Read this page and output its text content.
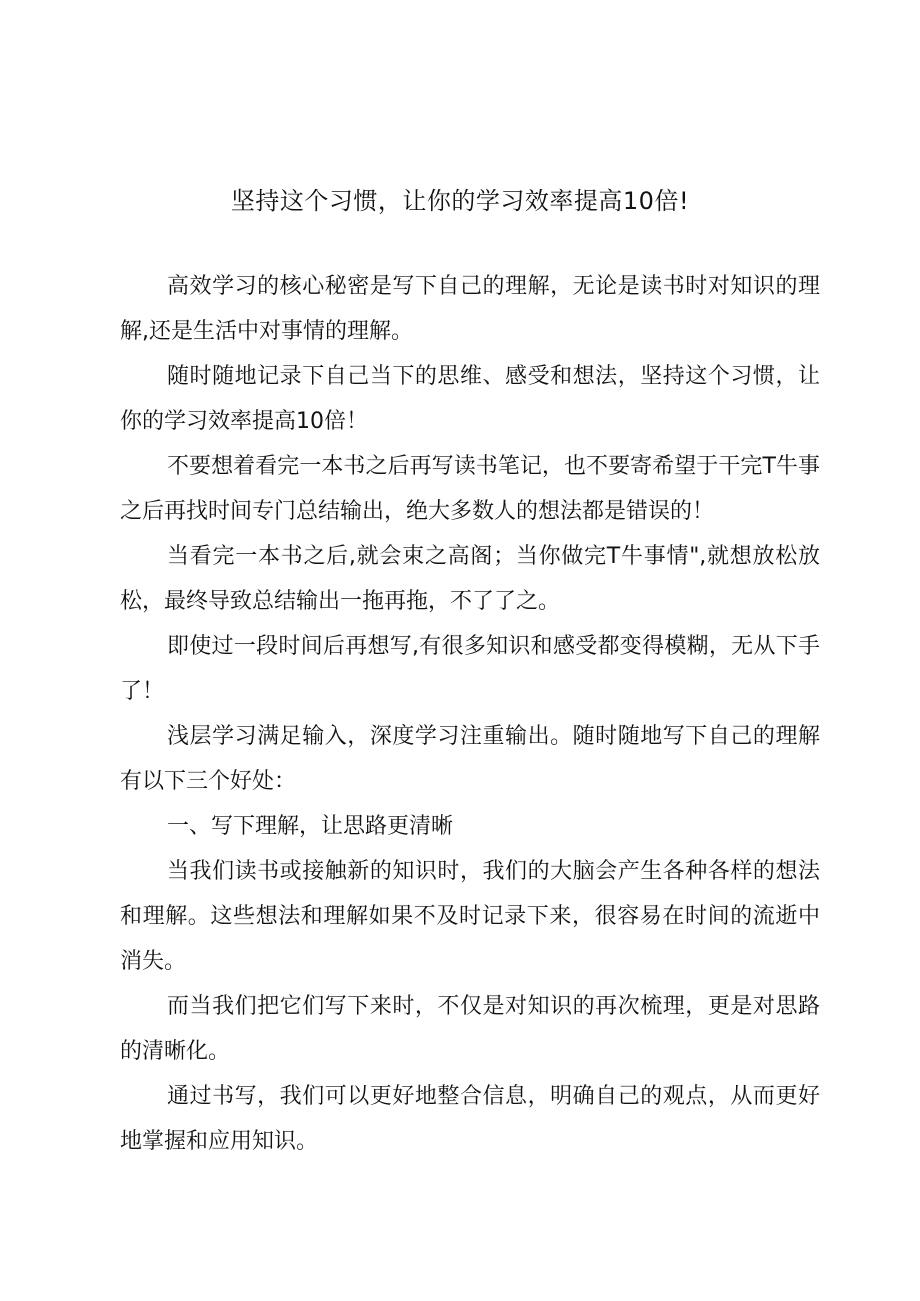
坚持这个习惯，让你的学习效率提高10倍!

高效学习的核心秘密是写下自己的理解，无论是读书时对知识的理解,还是生活中对事情的理解。

随时随地记录下自己当下的思维、感受和想法，坚持这个习惯，让你的学习效率提高10倍！

不要想着看完一本书之后再写读书笔记，也不要寄希望于干完T牛事之后再找时间专门总结输出，绝大多数人的想法都是错误的！

当看完一本书之后,就会束之高阁；当你做完T牛事情",就想放松放松，最终导致总结输出一拖再拖，不了了之。

即使过一段时间后再想写,有很多知识和感受都变得模糊，无从下手了！

浅层学习满足输入，深度学习注重输出。随时随地写下自己的理解有以下三个好处：

一、写下理解，让思路更清晰

当我们读书或接触新的知识时，我们的大脑会产生各种各样的想法和理解。这些想法和理解如果不及时记录下来，很容易在时间的流逝中消失。

而当我们把它们写下来时，不仅是对知识的再次梳理，更是对思路的清晰化。

通过书写，我们可以更好地整合信息，明确自己的观点，从而更好地掌握和应用知识。
